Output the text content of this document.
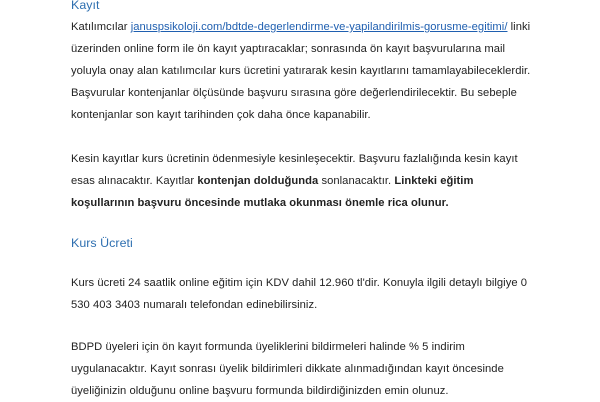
Kayıt

Katılımcılar januspsikoloji.com/bdtde-degerlendirme-ve-yapilandirilmis-gorusme-egitimi/ linki üzerinden online form ile ön kayıt yaptıracaklar; sonrasında ön kayıt başvurularına mail yoluyla onay alan katılımcılar kurs ücretini yatırarak kesin kayıtlarını tamamlayabileceklerdir. Başvurular kontenjanlar ölçüsünde başvuru sırasına göre değerlendirilecektir. Bu sebeple kontenjanlar son kayıt tarihinden çok daha önce kapanabilir.

Kesin kayıtlar kurs ücretinin ödenmesiyle kesinleşecektir. Başvuru fazlalığında kesin kayıt esas alınacaktır. Kayıtlar kontenjan dolduğunda sonlanacaktır. Linkteki eğitim koşullarının başvuru öncesinde mutlaka okunması önemle rica olunur.

Kurs Ücreti

Kurs ücreti 24 saatlik online eğitim için KDV dahil 12.960 tl'dir. Konuyla ilgili detaylı bilgiye 0 530 403 3403 numaralı telefondan edinebilirsiniz.

BDPD üyeleri için ön kayıt formunda üyeliklerini bildirmeleri halinde % 5 indirim uygulanacaktır. Kayıt sonrası üyelik bildirimleri dikkate alınmadığından kayıt öncesinde üyeliğinizin olduğunu online başvuru formunda bildirdiğinizden emin olunuz.
